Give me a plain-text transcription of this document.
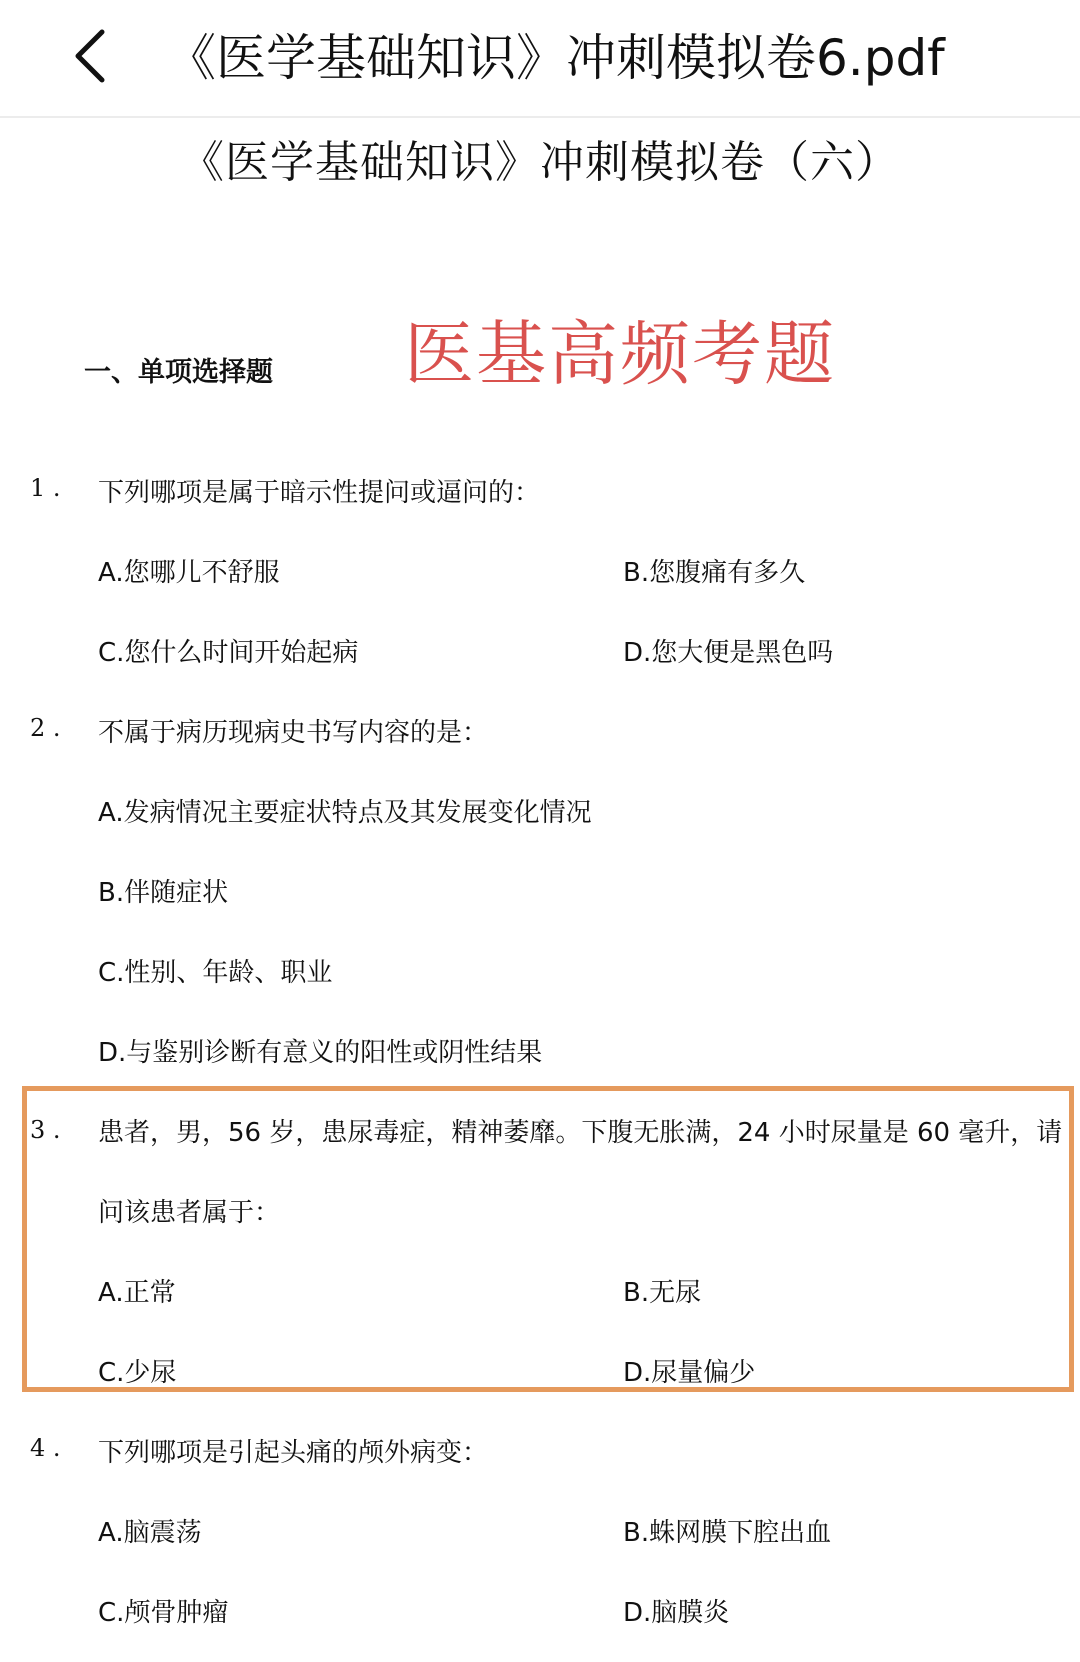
《医学基础知识》冲刺模拟卷6.pdf
《医学基础知识》冲刺模拟卷（六）
医基高频考题
一、单项选择题
1 . 下列哪项是属于暗示性提问或逼问的：
A.您哪儿不舒服	B.您腹痛有多久
C.您什么时间开始起病	D.您大便是黑色吗
2 . 不属于病历现病史书写内容的是：
A.发病情况主要症状特点及其发展变化情况
B.伴随症状
C.性别、年龄、职业
D.与鉴别诊断有意义的阳性或阴性结果
3 . 患者，男，56 岁，患尿毒症，精神萎靡。下腹无胀满，24 小时尿量是 60 毫升，请
问该患者属于：
A.正常	B.无尿
C.少尿	D.尿量偏少
4 . 下列哪项是引起头痛的颅外病变：
A.脑震荡	B.蛛网膜下腔出血
C.颅骨肿瘤	D.脑膜炎
